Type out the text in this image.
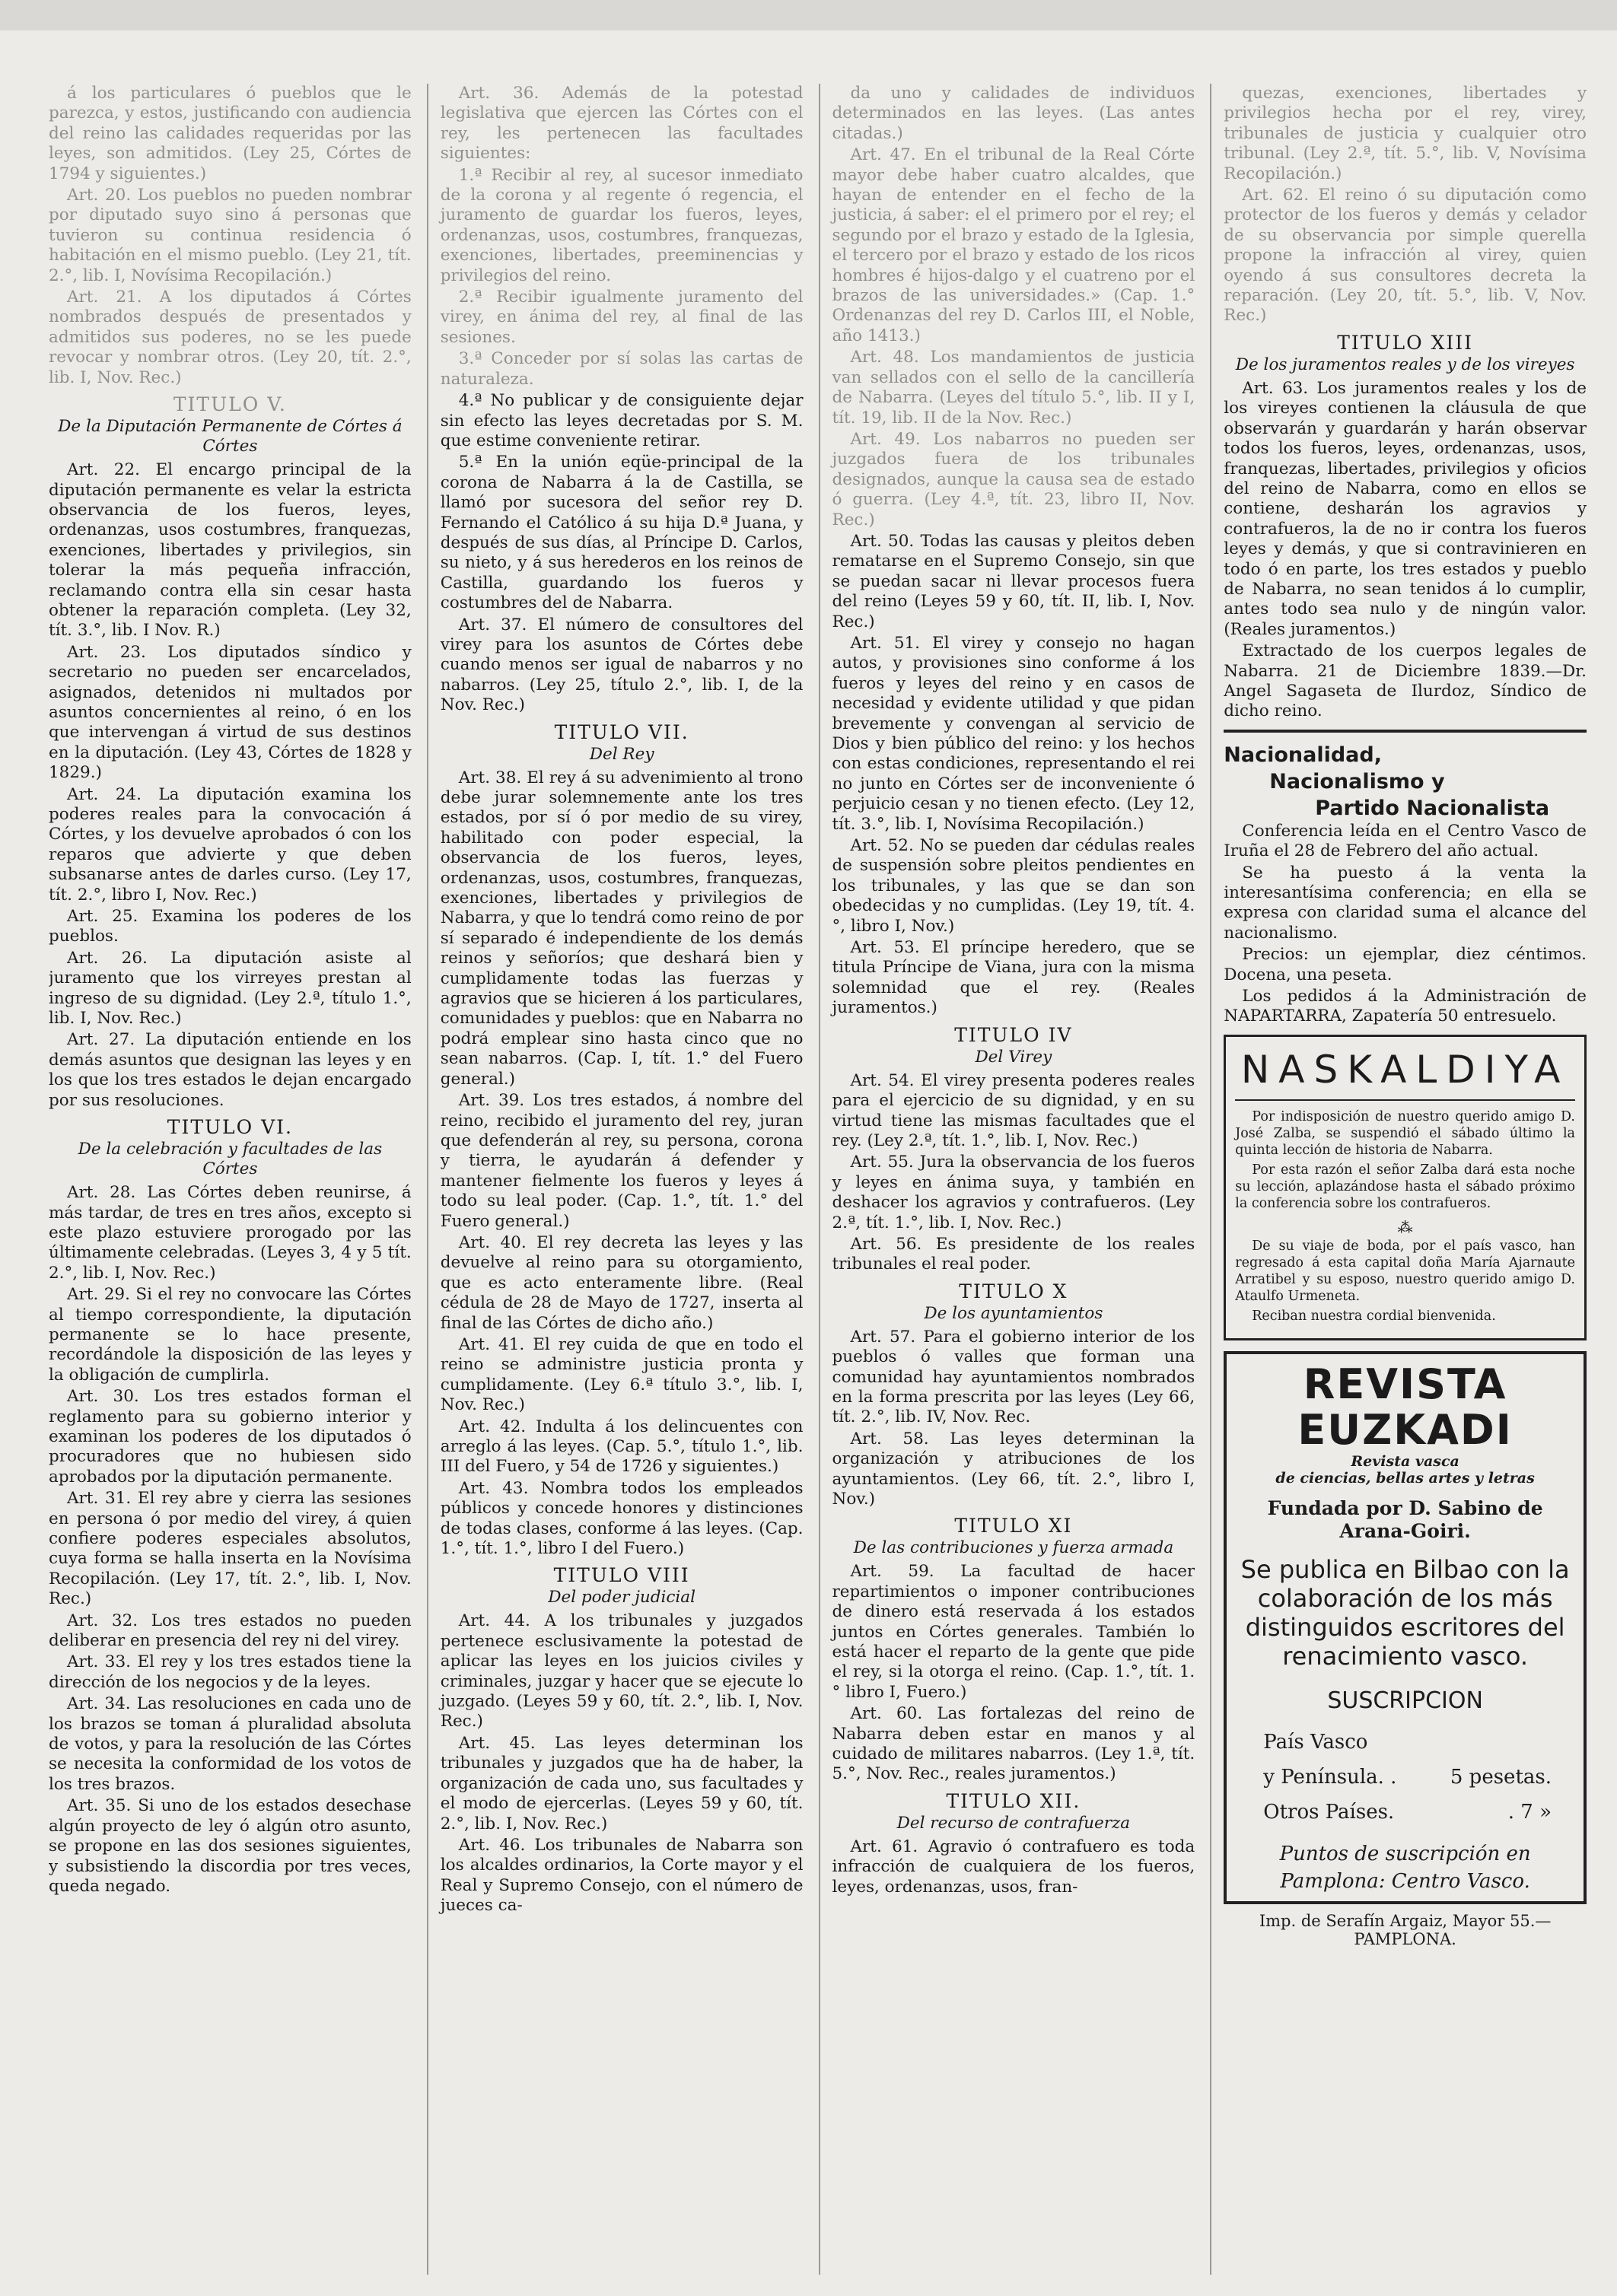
á los particulares ó pueblos que le parezca, y estos, justificando con audiencia del reino las calidades requeridas por las leyes, son admitidos. (Ley 25, Córtes de 1794 y siguientes.)

Art. 20. Los pueblos no pueden nombrar por diputado suyo sino á personas que tuvieron su continua residencia ó habitación en el mismo pueblo. (Ley 21, tít. 2.°, lib. I, Novísima Recopilación.)

Art. 21. A los diputados á Córtes nombrados después de presentados y admitidos sus poderes, no se les puede revocar y nombrar otros. (Ley 20, tít. 2.°, lib. I, Nov. Rec.)

TITULO V.
De la Diputación Permanente de Córtes á Córtes

Art. 22. El encargo principal de la diputación permanente es velar la estricta observancia de los fueros, leyes, ordenanzas, usos costumbres, franquezas, exenciones, libertades y privilegios, sin tolerar la más pequeña infracción, reclamando contra ella sin cesar hasta obtener la reparación completa. (Ley 32, tít. 3.°, lib. I Nov. R.)

Art. 23. Los diputados síndico y secretario no pueden ser encarcelados, asignados, detenidos ni multados por asuntos concernientes al reino, ó en los que intervengan á virtud de sus destinos en la diputación. (Ley 43, Córtes de 1828 y 1829.)

Art. 24. La diputación examina los poderes reales para la convocación á Córtes, y los devuelve aprobados ó con los reparos que advierte y que deben subsanarse antes de darles curso. (Ley 17, tít. 2.°, libro I, Nov. Rec.)

Art. 25. Examina los poderes de los pueblos.

Art. 26. La diputación asiste al juramento que los virreyes prestan al ingreso de su dignidad. (Ley 2.ª, título 1.°, lib. I, Nov. Rec.)

Art. 27. La diputación entiende en los demás asuntos que designan las leyes y en los que los tres estados le dejan encargado por sus resoluciones.

TITULO VI.
De la celebración y facultades de las Córtes

Art. 28. Las Córtes deben reunirse, á más tardar, de tres en tres años, excepto si este plazo estuviere prorogado por las últimamente celebradas. (Leyes 3, 4 y 5 tít. 2.°, lib. I, Nov. Rec.)

Art. 29. Si el rey no convocare las Córtes al tiempo correspondiente, la diputación permanente se lo hace presente, recordándole la disposición de las leyes y la obligación de cumplirla.

Art. 30. Los tres estados forman el reglamento para su gobierno interior y examinan los poderes de los diputados ó procuradores que no hubiesen sido aprobados por la diputación permanente.

Art. 31. El rey abre y cierra las sesiones en persona ó por medio del virey, á quien confiere poderes especiales absolutos, cuya forma se halla inserta en la Novísima Recopilación. (Ley 17, tít. 2.°, lib. I, Nov. Rec.)

Art. 32. Los tres estados no pueden deliberar en presencia del rey ni del virey.

Art. 33. El rey y los tres estados tiene la dirección de los negocios y de la leyes.

Art. 34. Las resoluciones en cada uno de los brazos se toman á pluralidad absoluta de votos, y para la resolución de las Córtes se necesita la conformidad de los votos de los tres brazos.

Art. 35. Si uno de los estados desechase algún proyecto de ley ó algún otro asunto, se propone en las dos sesiones siguientes, y subsistiendo la discordia por tres veces, queda negado.

Art. 36. Además de la potestad legislativa que ejercen las Córtes con el rey, les pertenecen las facultades siguientes:

1.ª Recibir al rey, al sucesor inmediato de la corona y al regente ó regencia, el juramento de guardar los fueros, leyes, ordenanzas, usos, costumbres, franquezas, exenciones, libertades, preeminencias y privilegios del reino.

2.ª Recibir igualmente juramento del virey, en ánima del rey, al final de las sesiones.

3.ª Conceder por sí solas las cartas de naturaleza.

4.ª No publicar y de consiguiente dejar sin efecto las leyes decretadas por S. M. que estime conveniente retirar.

5.ª En la unión eqüe-principal de la corona de Nabarra á la de Castilla, se llamó por sucesora del señor rey D. Fernando el Católico á su hija D.ª Juana, y después de sus días, al Príncipe D. Carlos, su nieto, y á sus herederos en los reinos de Castilla, guardando los fueros y costumbres del de Nabarra.

Art. 37. El número de consultores del virey para los asuntos de Córtes debe cuando menos ser igual de nabarros y no nabarros. (Ley 25, título 2.°, lib. I, de la Nov. Rec.)

TITULO VII.
Del Rey

Art. 38. El rey á su advenimiento al trono debe jurar solemnemente ante los tres estados, por sí ó por medio de su virey, habilitado con poder especial, la observancia de los fueros, leyes, ordenanzas, usos, costumbres, franquezas, exenciones, libertades y privilegios de Nabarra, y que lo tendrá como reino de por sí separado é independiente de los demás reinos y señoríos; que deshará bien y cumplidamente todas las fuerzas y agravios que se hicieren á los particulares, comunidades y pueblos: que en Nabarra no podrá emplear sino hasta cinco que no sean nabarros. (Cap. I, tít. 1.° del Fuero general.)

Art. 39. Los tres estados, á nombre del reino, recibido el juramento del rey, juran que defenderán al rey, su persona, corona y tierra, le ayudarán á defender y mantener fielmente los fueros y leyes á todo su leal poder. (Cap. 1.°, tít. 1.° del Fuero general.)

Art. 40. El rey decreta las leyes y las devuelve al reino para su otorgamiento, que es acto enteramente libre. (Real cédula de 28 de Mayo de 1727, inserta al final de las Córtes de dicho año.)

Art. 41. El rey cuida de que en todo el reino se administre justicia pronta y cumplidamente. (Ley 6.ª título 3.°, lib. I, Nov. Rec.)

Art. 42. Indulta á los delincuentes con arreglo á las leyes. (Cap. 5.°, título 1.°, lib. III del Fuero, y 54 de 1726 y siguientes.)

Art. 43. Nombra todos los empleados públicos y concede honores y distinciones de todas clases, conforme á las leyes. (Cap. 1.°, tít. 1.°, libro I del Fuero.)

TITULO VIII
Del poder judicial

Art. 44. A los tribunales y juzgados pertenece esclusivamente la potestad de aplicar las leyes en los juicios civiles y criminales, juzgar y hacer que se ejecute lo juzgado. (Leyes 59 y 60, tít. 2.°, lib. I, Nov. Rec.)

Art. 45. Las leyes determinan los tribunales y juzgados que ha de haber, la organización de cada uno, sus facultades y el modo de ejercerlas. (Leyes 59 y 60, tít. 2.°, lib. I, Nov. Rec.)

Art. 46. Los tribunales de Nabarra son los alcaldes ordinarios, la Corte mayor y el Real y Supremo Consejo, con el número de jueces ca-

da uno y calidades de individuos determinados en las leyes. (Las antes citadas.)

Art. 47. En el tribunal de la Real Córte mayor debe haber cuatro alcaldes, que hayan de entender en el fecho de la justicia, á saber: el el primero por el rey; el segundo por el brazo y estado de la Iglesia, el tercero por el brazo y estado de los ricos hombres é hijos-dalgo y el cuatreno por el brazos de las universidades.» (Cap. 1.° Ordenanzas del rey D. Carlos III, el Noble, año 1413.)

Art. 48. Los mandamientos de justicia van sellados con el sello de la cancillería de Nabarra. (Leyes del título 5.°, lib. II y I, tít. 19, lib. II de la Nov. Rec.)

Art. 49. Los nabarros no pueden ser juzgados fuera de los tribunales designados, aunque la causa sea de estado ó guerra. (Ley 4.ª, tít. 23, libro II, Nov. Rec.)

Art. 50. Todas las causas y pleitos deben rematarse en el Supremo Consejo, sin que se puedan sacar ni llevar procesos fuera del reino (Leyes 59 y 60, tít. II, lib. I, Nov. Rec.)

Art. 51. El virey y consejo no hagan autos, y provisiones sino conforme á los fueros y leyes del reino y en casos de necesidad y evidente utilidad y que pidan brevemente y convengan al servicio de Dios y bien público del reino: y los hechos con estas condiciones, representando el rei no junto en Córtes ser de inconveniente ó perjuicio cesan y no tienen efecto. (Ley 12, tít. 3.°, lib. I, Novísima Recopilación.)

Art. 52. No se pueden dar cédulas reales de suspensión sobre pleitos pendientes en los tribunales, y las que se dan son obedecidas y no cumplidas. (Ley 19, tít. 4.°, libro I, Nov.)

Art. 53. El príncipe heredero, que se titula Príncipe de Viana, jura con la misma solemnidad que el rey. (Reales juramentos.)

TITULO IV
Del Virey

Art. 54. El virey presenta poderes reales para el ejercicio de su dignidad, y en su virtud tiene las mismas facultades que el rey. (Ley 2.ª, tít. 1.°, lib. I, Nov. Rec.)

Art. 55. Jura la observancia de los fueros y leyes en ánima suya, y también en deshacer los agravios y contrafueros. (Ley 2.ª, tít. 1.°, lib. I, Nov. Rec.)

Art. 56. Es presidente de los reales tribunales el real poder.

TITULO X
De los ayuntamientos

Art. 57. Para el gobierno interior de los pueblos ó valles que forman una comunidad hay ayuntamientos nombrados en la forma prescrita por las leyes (Ley 66, tít. 2.°, lib. IV, Nov. Rec.

Art. 58. Las leyes determinan la organización y atribuciones de los ayuntamientos. (Ley 66, tít. 2.°, libro I, Nov.)

TITULO XI
De las contribuciones y fuerza armada

Art. 59. La facultad de hacer repartimientos o imponer contribuciones de dinero está reservada á los estados juntos en Córtes generales. También lo está hacer el reparto de la gente que pide el rey, si la otorga el reino. (Cap. 1.°, tít. 1.° libro I, Fuero.)

Art. 60. Las fortalezas del reino de Nabarra deben estar en manos y al cuidado de militares nabarros. (Ley 1.ª, tít. 5.°, Nov. Rec., reales juramentos.)

TITULO XII.
Del recurso de contrafuerza

Art. 61. Agravio ó contrafuero es toda infracción de cualquiera de los fueros, leyes, ordenanzas, usos, fran-

quezas, exenciones, libertades y privilegios hecha por el rey, virey, tribunales de justicia y cualquier otro tribunal. (Ley 2.ª, tít. 5.°, lib. V, Novísima Recopilación.)

Art. 62. El reino ó su diputación como protector de los fueros y demás y celador de su observancia por simple querella propone la infracción al virey, quien oyendo á sus consultores decreta la reparación. (Ley 20, tít. 5.°, lib. V, Nov. Rec.)

TITULO XIII
De los juramentos reales y de los vireyes

Art. 63. Los juramentos reales y los de los vireyes contienen la cláusula de que observarán y guardarán y harán observar todos los fueros, leyes, ordenanzas, usos, franquezas, libertades, privilegios y oficios del reino de Nabarra, como en ellos se contiene, desharán los agravios y contrafueros, la de no ir contra los fueros leyes y demás, y que si contravinieren en todo ó en parte, los tres estados y pueblo de Nabarra, no sean tenidos á lo cumplir, antes todo sea nulo y de ningún valor. (Reales juramentos.)

Extractado de los cuerpos legales de Nabarra. 21 de Diciembre 1839.—Dr. Angel Sagaseta de Ilurdoz, Síndico de dicho reino.

Nacionalidad,
Nacionalismo y
Partido Nacionalista

Conferencia leída en el Centro Vasco de Iruña el 28 de Febrero del año actual.

Se ha puesto á la venta la interesantísima conferencia; en ella se expresa con claridad suma el alcance del nacionalismo.

Precios: un ejemplar, diez céntimos. Docena, una peseta.

Los pedidos á la Administración de NAPARTARRA, Zapatería 50 entresuelo.

NASKALDIYA

Por indisposición de nuestro querido amigo D. José Zalba, se suspendió el sábado último la quinta lección de historia de Nabarra.

Por esta razón el señor Zalba dará esta noche su lección, aplazándose hasta el sábado próximo la conferencia sobre los contrafueros.

⁂

De su viaje de boda, por el país vasco, han regresado á esta capital doña María Ajarnaute Arratibel y su esposo, nuestro querido amigo D. Ataulfo Urmeneta.

Reciban nuestra cordial bienvenida.

REVISTA EUZKADI
Revista vasca
de ciencias, bellas artes y letras
Fundada por D. Sabino de Arana-Goiri.
Se publica en Bilbao con la colaboración de los más distinguidos escritores del renacimiento vasco.
SUSCRIPCION
País Vasco
y Península. .	5 pesetas.
Otros Países.	. 7 »
Puntos de suscripción en Pamplona: Centro Vasco.
Imp. de Serafín Argaiz, Mayor 55.—PAMPLONA.
